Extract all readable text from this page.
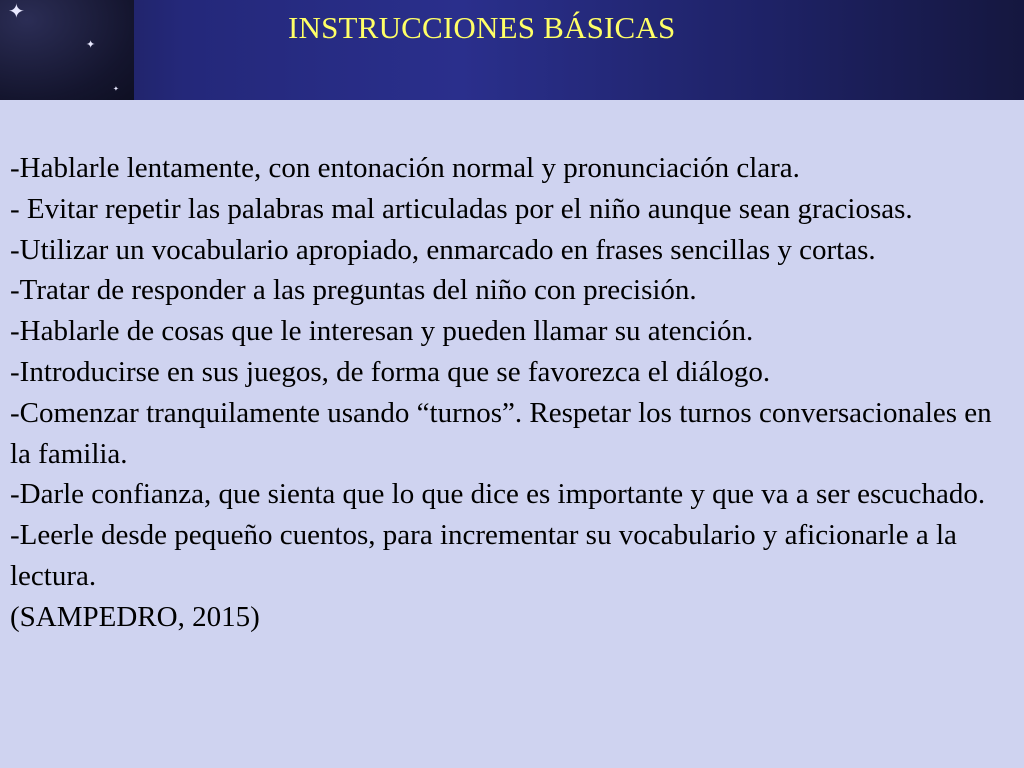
✦
✦
✦
INSTRUCCIONES BÁSICAS

-Hablarle lentamente, con entonación normal y pronunciación clara.

- Evitar repetir las palabras mal articuladas por el niño aunque sean graciosas.

-Utilizar un vocabulario apropiado, enmarcado en frases sencillas y cortas.

-Tratar de responder a las preguntas del niño con precisión.

-Hablarle de cosas que le interesan y pueden llamar su atención.

-Introducirse en sus juegos, de forma que se favorezca el diálogo.

-Comenzar tranquilamente usando “turnos”. Respetar los turnos conversacionales en la familia.

-Darle confianza, que sienta que lo que dice es importante y que va a ser escuchado.

-Leerle desde pequeño cuentos, para incrementar su vocabulario y aficionarle a la lectura.

(SAMPEDRO, 2015)
